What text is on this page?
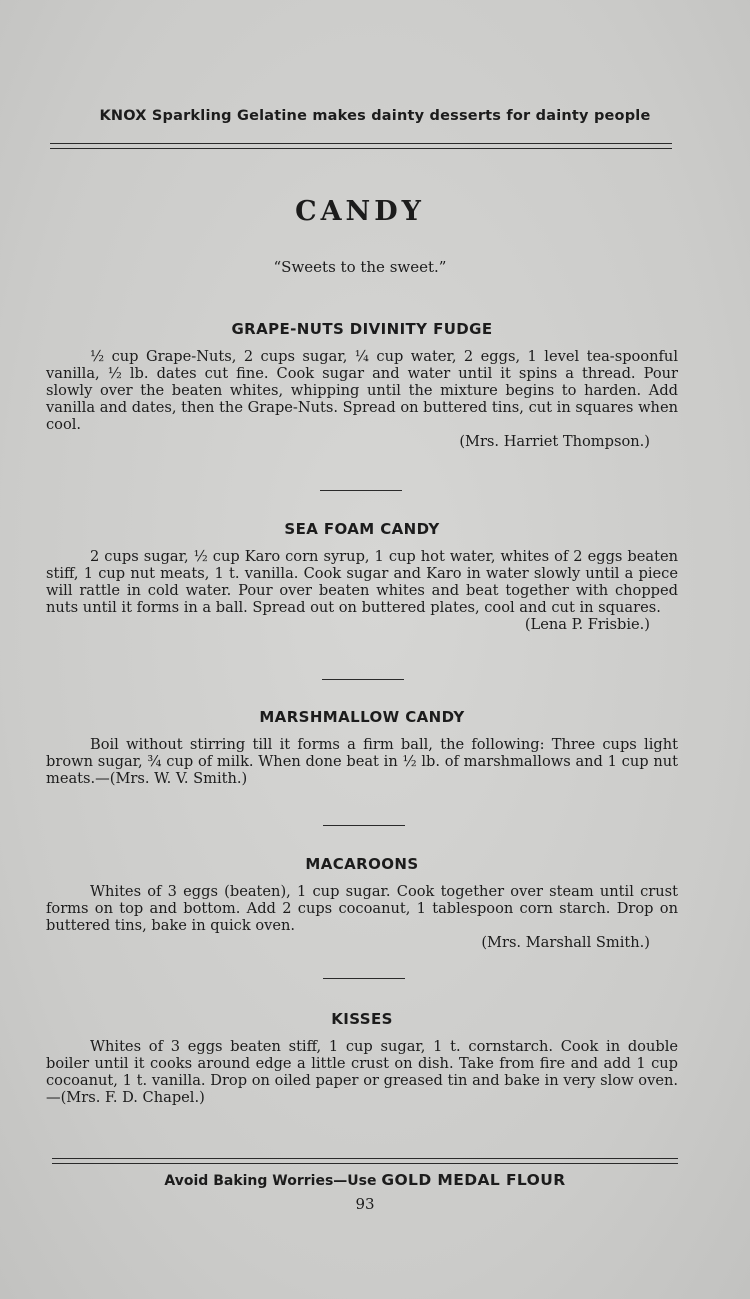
KNOX Sparkling Gelatine makes dainty desserts for dainty people

CANDY

“Sweets to the sweet.”

GRAPE-NUTS DIVINITY FUDGE

½ cup Grape-Nuts, 2 cups sugar, ¼ cup water, 2 eggs, 1 level tea-spoonful vanilla, ½ lb. dates cut fine. Cook sugar and water until it spins a thread. Pour slowly over the beaten whites, whipping until the mixture begins to harden. Add vanilla and dates, then the Grape-Nuts. Spread on buttered tins, cut in squares when cool.

(Mrs. Harriet Thompson.)

SEA FOAM CANDY

2 cups sugar, ½ cup Karo corn syrup, 1 cup hot water, whites of 2 eggs beaten stiff, 1 cup nut meats, 1 t. vanilla. Cook sugar and Karo in water slowly until a piece will rattle in cold water. Pour over beaten whites and beat together with chopped nuts until it forms in a ball. Spread out on buttered plates, cool and cut in squares.

(Lena P. Frisbie.)

MARSHMALLOW CANDY

Boil without stirring till it forms a firm ball, the following: Three cups light brown sugar, ¾ cup of milk. When done beat in ½ lb. of marshmallows and 1 cup nut meats.—(Mrs. W. V. Smith.)

MACAROONS

Whites of 3 eggs (beaten), 1 cup sugar. Cook together over steam until crust forms on top and bottom. Add 2 cups cocoanut, 1 tablespoon corn starch. Drop on buttered tins, bake in quick oven.

(Mrs. Marshall Smith.)

KISSES

Whites of 3 eggs beaten stiff, 1 cup sugar, 1 t. cornstarch. Cook in double boiler until it cooks around edge a little crust on dish. Take from fire and add 1 cup cocoanut, 1 t. vanilla. Drop on oiled paper or greased tin and bake in very slow oven.—(Mrs. F. D. Chapel.)

Avoid Baking Worries—Use GOLD MEDAL FLOUR

93
